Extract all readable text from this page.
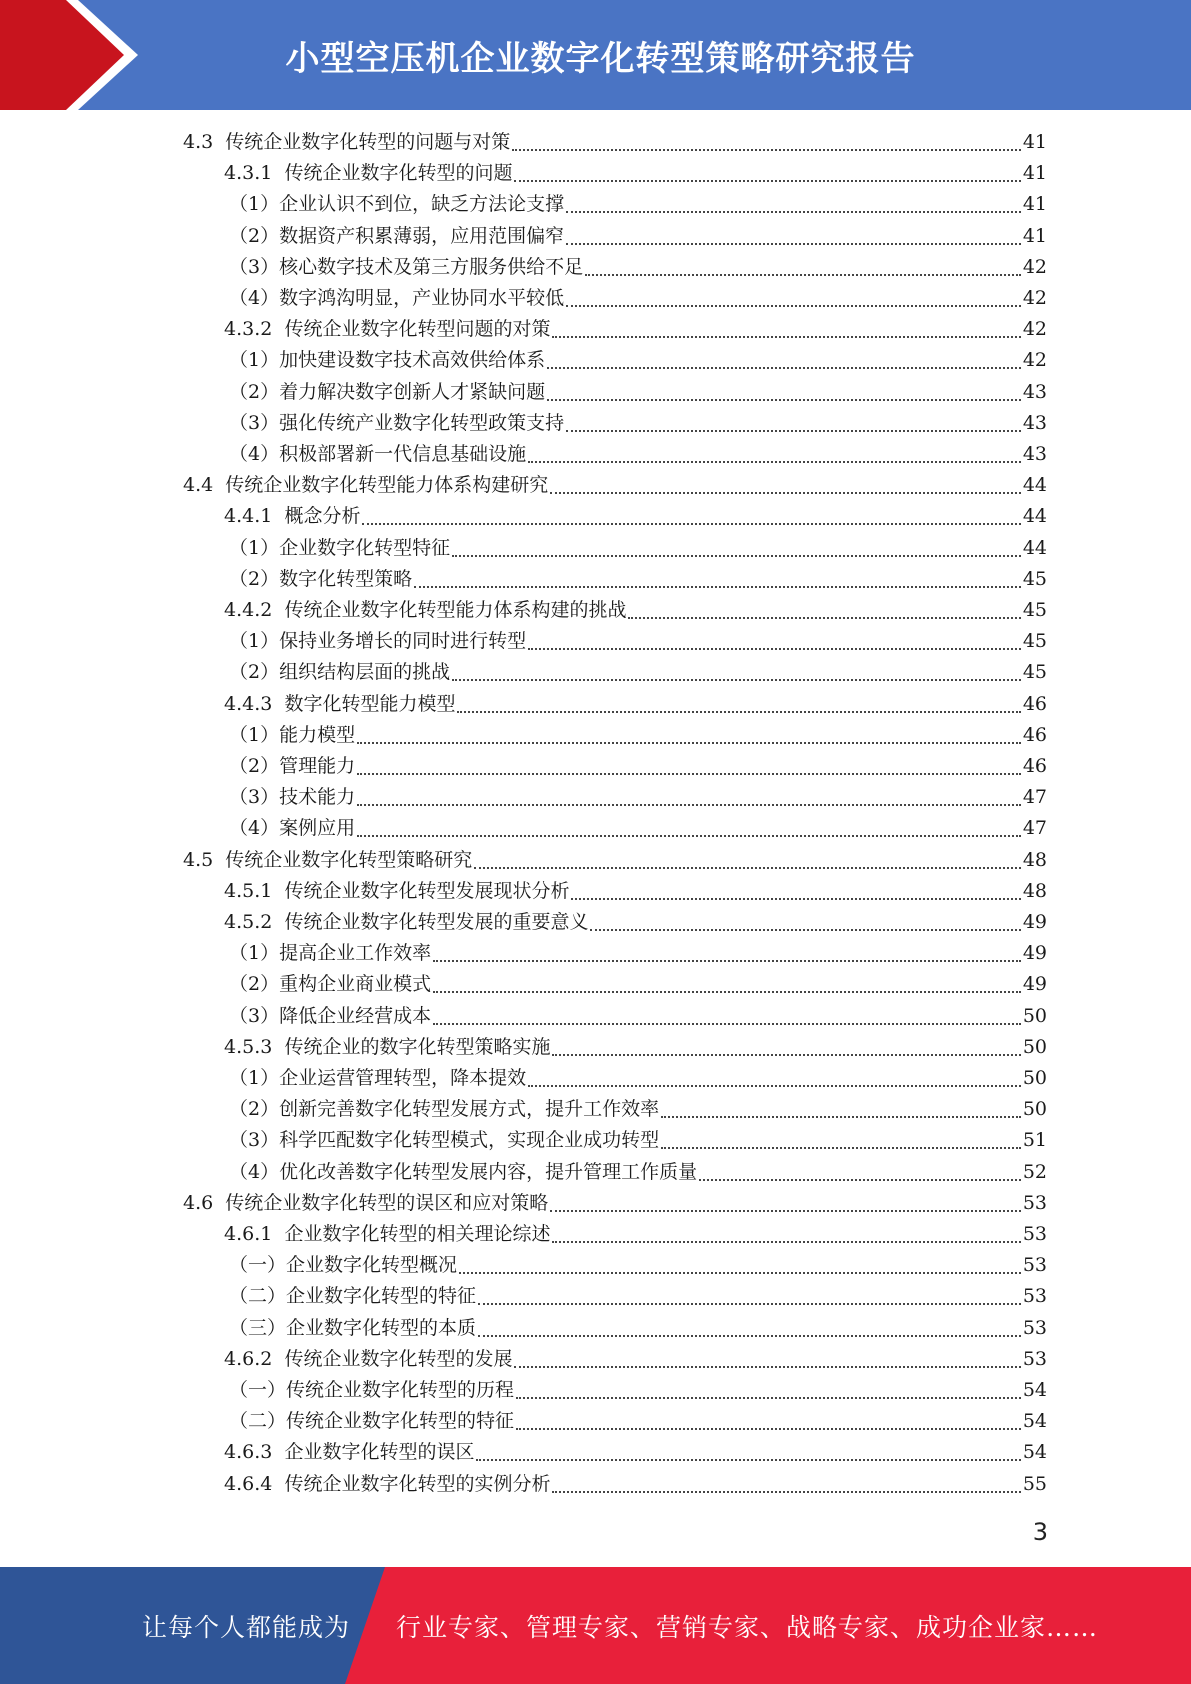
小型空压机企业数字化转型策略研究报告
4.3 传统企业数字化转型的问题与对策	41
4.3.1 传统企业数字化转型的问题	41
（1） 企业认识不到位，缺乏方法论支撑	41
（2） 数据资产积累薄弱，应用范围偏窄	41
（3） 核心数字技术及第三方服务供给不足	42
（4） 数字鸿沟明显，产业协同水平较低	42
4.3.2 传统企业数字化转型问题的对策	42
（1） 加快建设数字技术高效供给体系	42
（2） 着力解决数字创新人才紧缺问题	43
（3） 强化传统产业数字化转型政策支持	43
（4） 积极部署新一代信息基础设施	43
4.4 传统企业数字化转型能力体系构建研究	44
4.4.1 概念分析	44
（1） 企业数字化转型特征	44
（2） 数字化转型策略	45
4.4.2 传统企业数字化转型能力体系构建的挑战	45
（1） 保持业务增长的同时进行转型	45
（2） 组织结构层面的挑战	45
4.4.3 数字化转型能力模型	46
（1） 能力模型	46
（2） 管理能力	46
（3） 技术能力	47
（4） 案例应用	47
4.5 传统企业数字化转型策略研究	48
4.5.1 传统企业数字化转型发展现状分析	48
4.5.2 传统企业数字化转型发展的重要意义	49
（1） 提高企业工作效率	49
（2） 重构企业商业模式	49
（3） 降低企业经营成本	50
4.5.3 传统企业的数字化转型策略实施	50
（1） 企业运营管理转型，降本提效	50
（2） 创新完善数字化转型发展方式，提升工作效率	50
（3） 科学匹配数字化转型模式，实现企业成功转型	51
（4） 优化改善数字化转型发展内容，提升管理工作质量	52
4.6 传统企业数字化转型的误区和应对策略	53
4.6.1 企业数字化转型的相关理论综述	53
（一） 企业数字化转型概况	53
（二） 企业数字化转型的特征	53
（三） 企业数字化转型的本质	53
4.6.2 传统企业数字化转型的发展	53
（一） 传统企业数字化转型的历程	54
（二） 传统企业数字化转型的特征	54
4.6.3 企业数字化转型的误区	54
4.6.4 传统企业数字化转型的实例分析	55
3
让每个人都能成为 行业专家、管理专家、营销专家、战略专家、成功企业家……
